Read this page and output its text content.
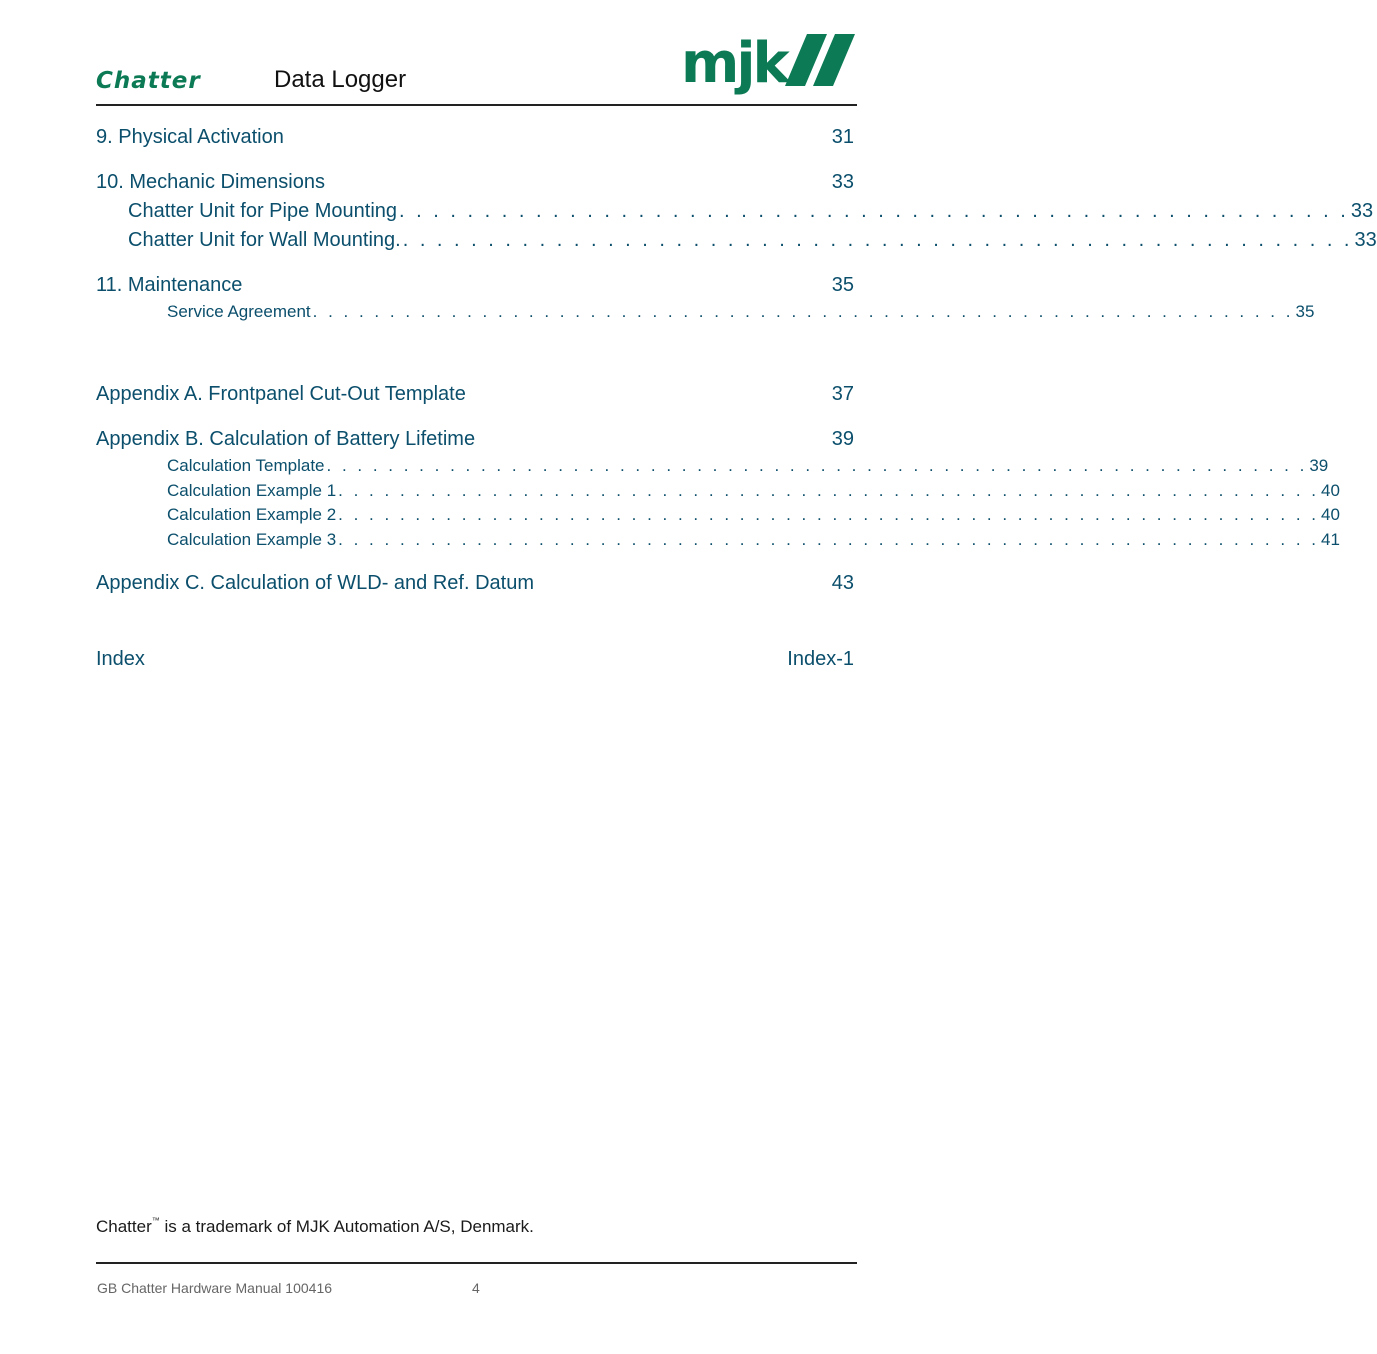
Chatter	Data Logger	mjk
9. Physical Activation	31
10. Mechanic Dimensions	33
Chatter Unit for Pipe Mounting . . . . . . . . . . . . . . . . . . . . . . . . . . . . . . . . . . . . . . . . . . . . . . . . . . . . . . . . 33
Chatter Unit for Wall Mounting. . . . . . . . . . . . . . . . . . . . . . . . . . . . . . . . . . . . . . . . . . . . . . . . . . . . . . . . . 33
11. Maintenance	35
Service Agreement . . . . . . . . . . . . . . . . . . . . . . . . . . . . . . . . . . . . . . . . . . . . . . . . . . . . . . . . . . . . . . . . 35
Appendix A. Frontpanel Cut-Out Template	37
Appendix B. Calculation of Battery Lifetime	39
Calculation Template . . . . . . . . . . . . . . . . . . . . . . . . . . . . . . . . . . . . . . . . . . . . . . . . . . . . . . . . . . . . . . . . 39
Calculation Example 1 . . . . . . . . . . . . . . . . . . . . . . . . . . . . . . . . . . . . . . . . . . . . . . . . . . . . . . . . . . . . . . . . 40
Calculation Example 2 . . . . . . . . . . . . . . . . . . . . . . . . . . . . . . . . . . . . . . . . . . . . . . . . . . . . . . . . . . . . . . . . 40
Calculation Example 3 . . . . . . . . . . . . . . . . . . . . . . . . . . . . . . . . . . . . . . . . . . . . . . . . . . . . . . . . . . . . . . . . 41
Appendix C. Calculation of WLD- and Ref. Datum	43
Index	Index-1
Chatter™ is a trademark of MJK Automation A/S, Denmark.
GB Chatter Hardware Manual 100416	4
